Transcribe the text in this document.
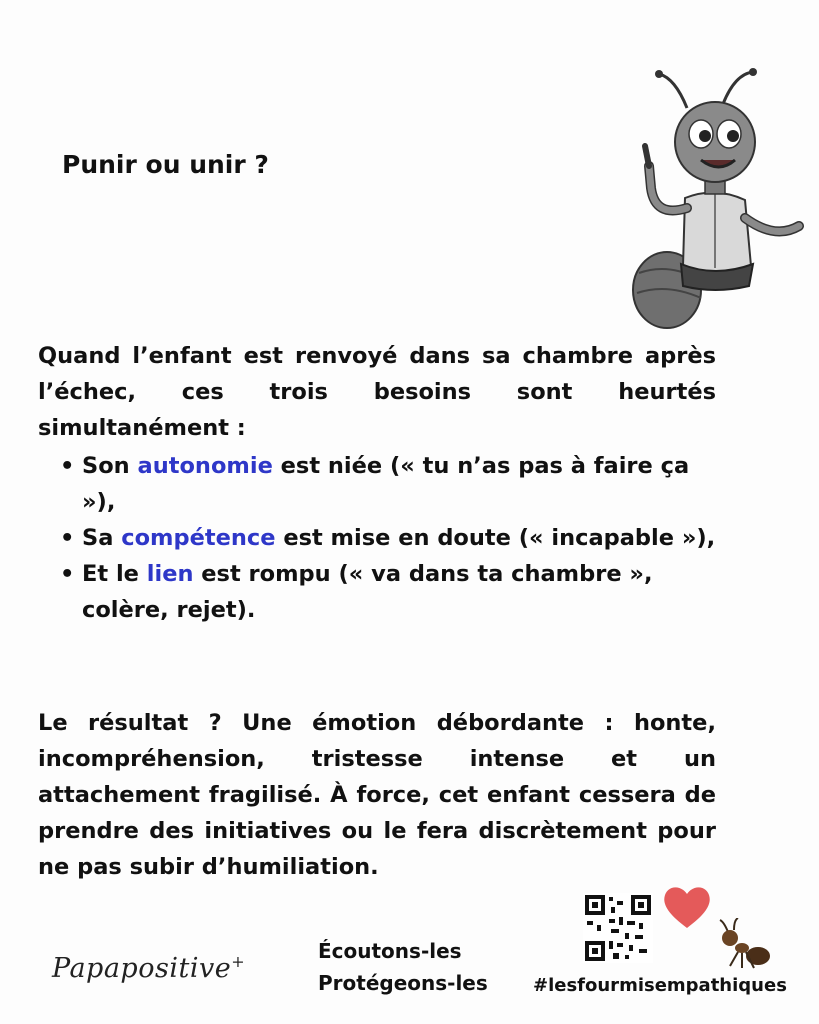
Punir ou unir ?

Quand l’enfant est renvoyé dans sa chambre après l’échec, ces trois besoins sont heurtés simultanément :

• Son autonomie est niée (« tu n’as pas à faire ça »),
• Sa compétence est mise en doute (« incapable »),
• Et le lien est rompu (« va dans ta chambre », colère, rejet).

Le résultat ? Une émotion débordante : honte, incompréhension, tristesse intense et un attachement fragilisé. À force, cet enfant cessera de prendre des initiatives ou le fera discrètement pour ne pas subir d’humiliation.

Papapositive+	Écoutons-les
Protégeons-les	#lesfourmisempathiques
